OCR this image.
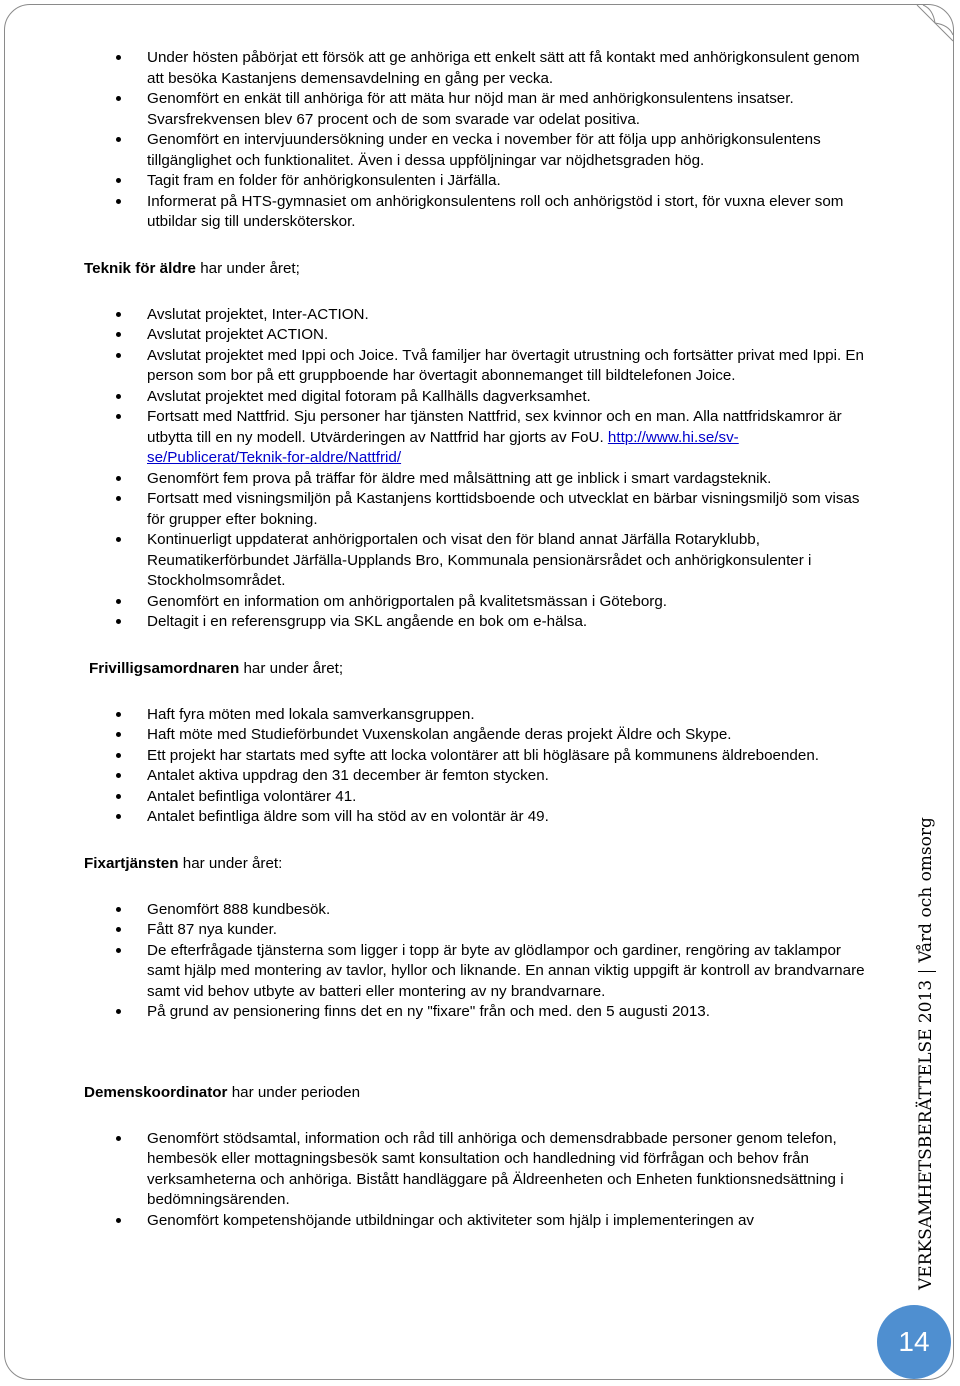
Under hösten påbörjat ett försök att ge anhöriga ett enkelt sätt att få kontakt med anhörigkonsulent genom att besöka Kastanjens demensavdelning en gång per vecka.
Genomfört en enkät till anhöriga för att mäta hur nöjd man är med anhörigkonsulentens insatser. Svarsfrekvensen blev 67 procent och de som svarade var odelat positiva.
Genomfört en intervjuundersökning under en vecka i november för att följa upp anhörigkonsulentens tillgänglighet och funktionalitet. Även i dessa uppföljningar var nöjdhetsgraden hög.
Tagit fram en folder för anhörigkonsulenten i Järfälla.
Informerat på HTS-gymnasiet om anhörigkonsulentens roll och anhörigstöd i stort, för vuxna elever som utbildar sig till undersköterskor.
Teknik för äldre har under året;
Avslutat projektet, Inter-ACTION.
Avslutat projektet ACTION.
Avslutat projektet med Ippi och Joice. Två familjer har övertagit utrustning och fortsätter privat med Ippi. En person som bor på ett gruppboende har övertagit abonnemanget till bildtelefonen Joice.
Avslutat projektet med digital fotoram på Kallhälls dagverksamhet.
Fortsatt med Nattfrid. Sju personer har tjänsten Nattfrid, sex kvinnor och en man. Alla nattfridskamror är utbytta till en ny modell. Utvärderingen av Nattfrid har gjorts av FoU. http://www.hi.se/sv-se/Publicerat/Teknik-for-aldre/Nattfrid/
Genomfört fem prova på träffar för äldre med målsättning att ge inblick i smart vardagsteknik.
Fortsatt med visningsmiljön på Kastanjens korttidsboende och utvecklat en bärbar visningsmiljö som visas för grupper efter bokning.
Kontinuerligt uppdaterat anhörigportalen och visat den för bland annat Järfälla Rotaryklubb, Reumatikerförbundet Järfälla-Upplands Bro, Kommunala pensionärsrådet och anhörigkonsulenter i Stockholmsområdet.
Genomfört en information om anhörigportalen på kvalitetsmässan i Göteborg.
Deltagit i en referensgrupp via SKL angående en bok om e-hälsa.
Frivilligsamordnaren har under året;
Haft fyra möten med lokala samverkansgruppen.
Haft möte med Studieförbundet Vuxenskolan angående deras projekt Äldre och Skype.
Ett projekt har startats med syfte att locka volontärer att bli högläsare på kommunens äldreboenden.
Antalet aktiva uppdrag den 31 december är femton stycken.
Antalet befintliga volontärer 41.
Antalet befintliga äldre som vill ha stöd av en volontär är 49.
Fixartjänsten har under året:
Genomfört 888 kundbesök.
Fått 87 nya kunder.
De efterfrågade tjänsterna som ligger i topp är byte av glödlampor och gardiner, rengöring av taklampor samt hjälp med montering av tavlor, hyllor och liknande. En annan viktig uppgift är kontroll av brandvarnare samt vid behov utbyte av batteri eller montering av ny brandvarnare.
På grund av pensionering finns det en ny "fixare" från och med. den 5 augusti 2013.
Demenskoordinator har under perioden
Genomfört stödsamtal, information och råd till anhöriga och demensdrabbade personer genom telefon, hembesök eller mottagningsbesök samt konsultation och handledning vid förfrågan och behov från verksamheterna och anhöriga. Bistått handläggare på Äldreenheten och Enheten funktionsnedsättning i bedömningsärenden.
Genomfört kompetenshöjande utbildningar och aktiviteter som hjälp i implementeringen av	VERKSAMHETSBERÄTTELSE 2013Vård och omsorg
14
